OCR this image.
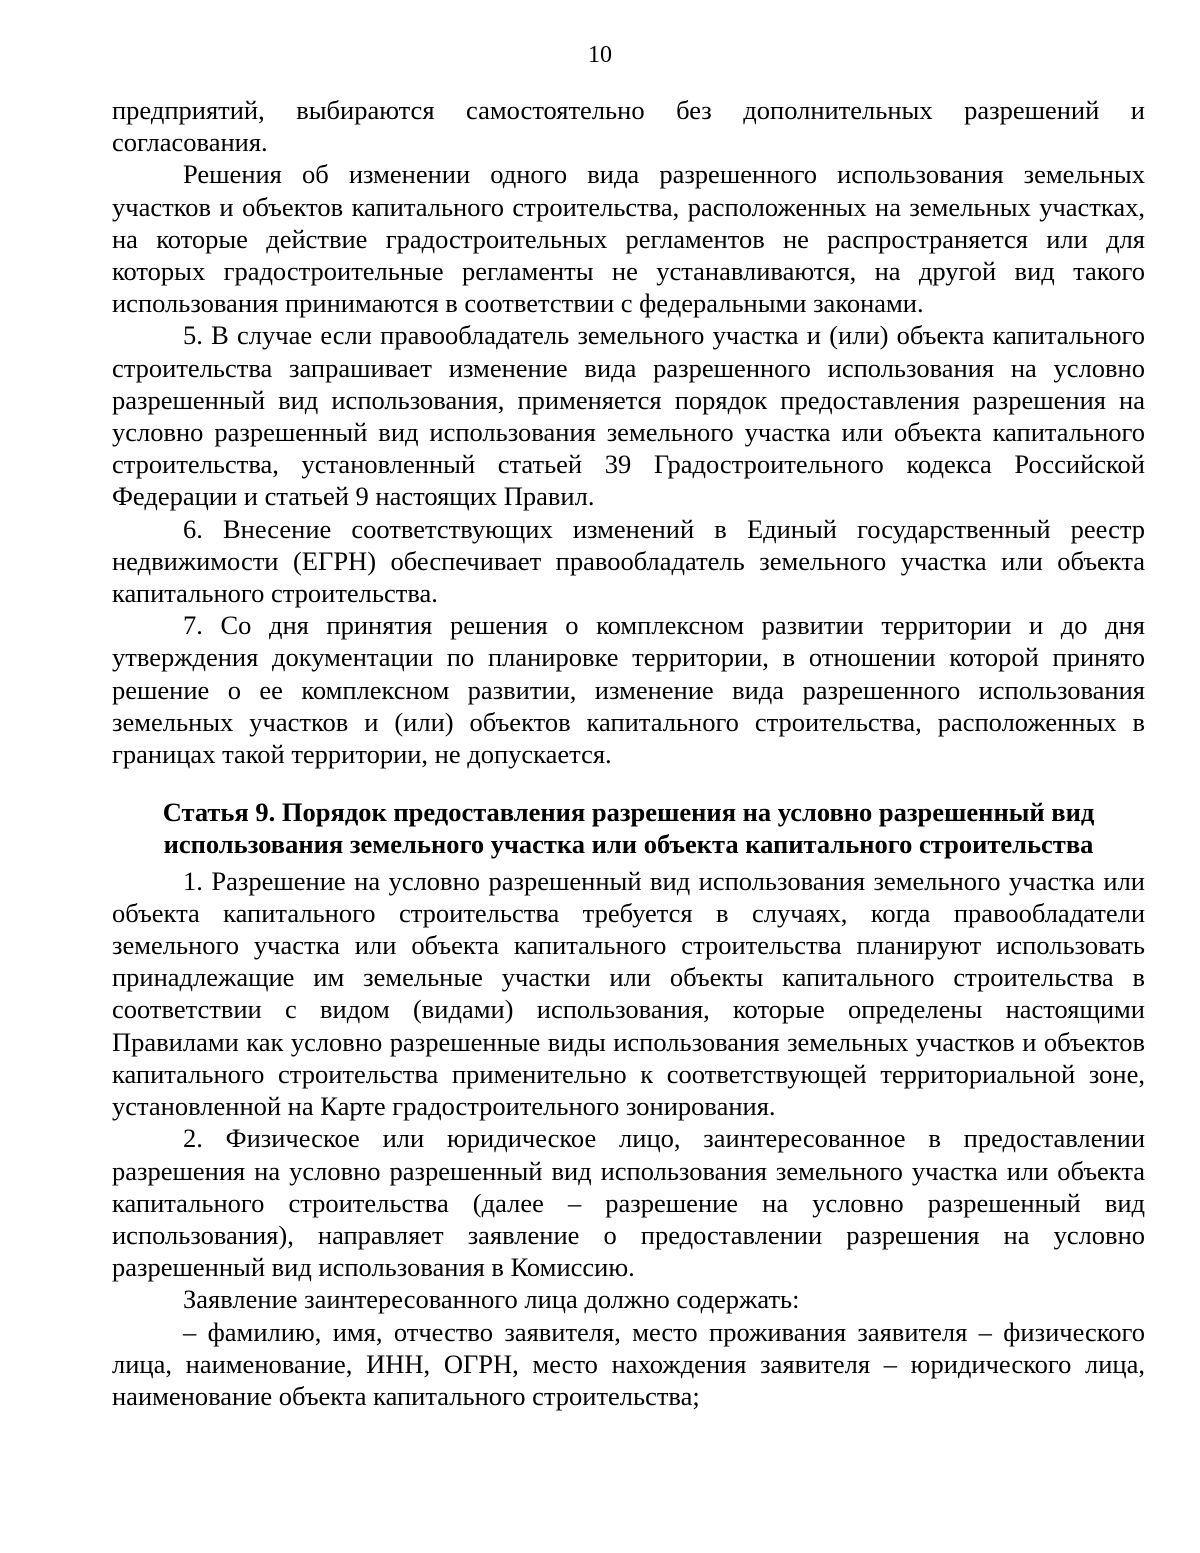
10

предприятий, выбираются самостоятельно без дополнительных разрешений и согласования.

Решения об изменении одного вида разрешенного использования земельных участков и объектов капитального строительства, расположенных на земельных участках, на которые действие градостроительных регламентов не распространяется или для которых градостроительные регламенты не устанавливаются, на другой вид такого использования принимаются в соответствии с федеральными законами.

5. В случае если правообладатель земельного участка и (или) объекта капитального строительства запрашивает изменение вида разрешенного использования на условно разрешенный вид использования, применяется порядок предоставления разрешения на условно разрешенный вид использования земельного участка или объекта капитального строительства, установленный статьей 39 Градостроительного кодекса Российской Федерации и статьей 9 настоящих Правил.

6. Внесение соответствующих изменений в Единый государственный реестр недвижимости (ЕГРН) обеспечивает правообладатель земельного участка или объекта капитального строительства.

7. Со дня принятия решения о комплексном развитии территории и до дня утверждения документации по планировке территории, в отношении которой принято решение о ее комплексном развитии, изменение вида разрешенного использования земельных участков и (или) объектов капитального строительства, расположенных в границах такой территории, не допускается.

Статья 9. Порядок предоставления разрешения на условно разрешенный вид
использования земельного участка или объекта капитального строительства

1. Разрешение на условно разрешенный вид использования земельного участка или объекта капитального строительства требуется в случаях, когда правообладатели земельного участка или объекта капитального строительства планируют использовать принадлежащие им земельные участки или объекты капитального строительства в соответствии с видом (видами) использования, которые определены настоящими Правилами как условно разрешенные виды использования земельных участков и объектов капитального строительства применительно к соответствующей территориальной зоне, установленной на Карте градостроительного зонирования.

2. Физическое или юридическое лицо, заинтересованное в предоставлении разрешения на условно разрешенный вид использования земельного участка или объекта капитального строительства (далее – разрешение на условно разрешенный вид использования), направляет заявление о предоставлении разрешения на условно разрешенный вид использования в Комиссию.

Заявление заинтересованного лица должно содержать:

– фамилию, имя, отчество заявителя, место проживания заявителя – физического лица, наименование, ИНН, ОГРН, место нахождения заявителя – юридического лица, наименование объекта капитального строительства;
